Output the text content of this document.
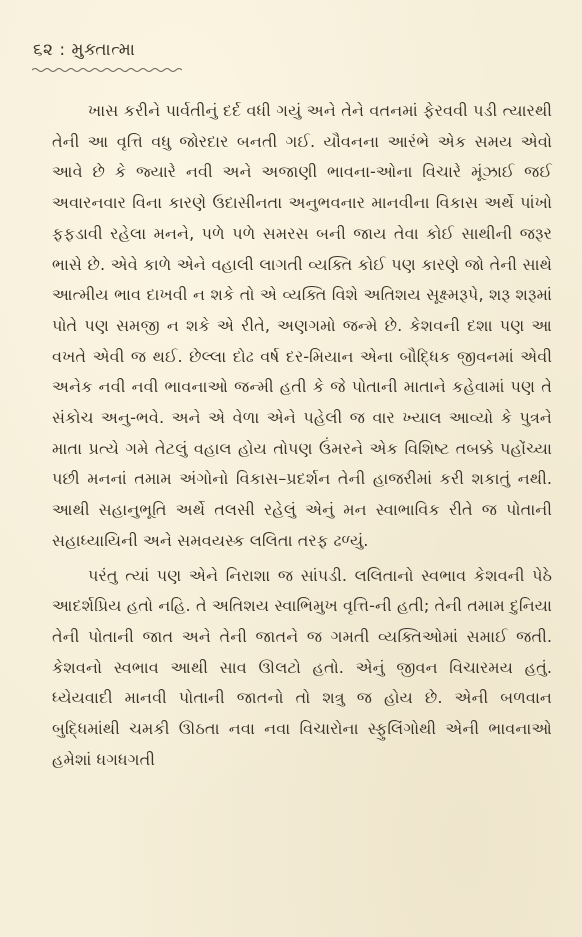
૬૨ : મુક્તાત્મા

ખાસ કરીને પાર્વતીનું દર્દ વધી ગયું અને તેને વતનમાં ફેરવવી પડી ત્યારથી તેની આ વૃત્તિ વધુ જોરદાર બનતી ગઈ. યૌવનના આરંભે એક સમય એવો આવે છે કે જ્યારે નવી અને અજાણી ભાવના-ઓના વિચારે મૂંઝાઈ જઈ અવારનવાર વિના કારણે ઉદાસીનતા અનુભવનાર માનવીના વિકાસ અર્થે પાંખો ફફડાવી રહેલા મનને, પળે પળે સમરસ બની જાય તેવા કોઈ સાથીની જરૂર ભાસે છે. એવે કાળે એને વહાલી લાગતી વ્યક્તિ કોઈ પણ કારણે જો તેની સાથે આત્મીય ભાવ દાખવી ન શકે તો એ વ્યક્તિ વિશે અતિશય સૂક્ષ્મરૂપે, શરૂ શરૂમાં પોતે પણ સમજી ન શકે એ રીતે, અણગમો જન્મે છે. કેશવની દશા પણ આ વખતે એવી જ થઈ. છેલ્લા દોઢ વર્ષ દર-મિયાન એના બૌદ્ધિક જીવનમાં એવી અનેક નવી નવી ભાવનાઓ જન્મી હતી કે જે પોતાની માતાને કહેવામાં પણ તે સંકોચ અનુ-ભવે. અને એ વેળા એને પહેલી જ વાર ખ્યાલ આવ્યો કે પુત્રને માતા પ્રત્યે ગમે તેટલું વહાલ હોય તોપણ ઉંમરને એક વિશિષ્ટ તબક્કે પહોંચ્યા પછી મનનાં તમામ અંગોનો વિકાસ–પ્રદર્શન તેની હાજરીમાં કરી શકાતું નથી. આથી સહાનુભૂતિ અર્થે તલસી રહેલું એનું મન સ્વાભાવિક રીતે જ પોતાની સહાધ્યાયિની અને સમવયસ્ક લલિતા તરફ ઢળ્યું.

પરંતુ ત્યાં પણ એને નિરાશા જ સાંપડી. લલિતાનો સ્વભાવ કેશવની પેઠે આદર્શપ્રિય હતો નહિ. તે અતિશય સ્વાભિમુખ વૃત્તિ-ની હતી; તેની તમામ દુનિયા તેની પોતાની જાત અને તેની જાતને જ ગમતી વ્યક્તિઓમાં સમાઈ જતી. કેશવનો સ્વભાવ આથી સાવ ઊલટો હતો. એનું જીવન વિચારમય હતું. ધ્યેયવાદી માનવી પોતાની જાતનો તો શત્રુ જ હોય છે. એની બળવાન બુદ્ધિમાંથી ચમકી ઊઠતા નવા નવા વિચારોના સ્ફુલિંગોથી એની ભાવનાઓ હમેશાં ધગધગતી
